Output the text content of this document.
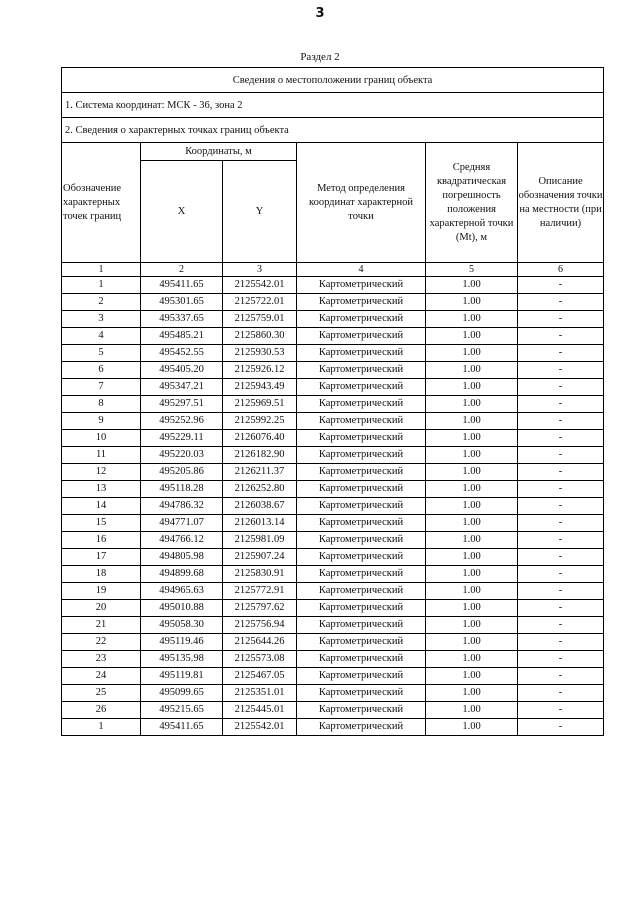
3
Раздел 2
Сведения о местоположении границ объекта					
1. Система координат: МСК - 36, зона 2					
2. Сведения о характерных точках границ объекта					
Обозначение характерных точек границ	Координаты, м		Метод определения координат характерной точки	Средняя квадратическая погрешность положения характерной точки (Mt), м	Описание обозначения точки на местности (при наличии)
	X	Y			
1	2	3	4	5	6
1	495411.65	2125542.01	Картометрический	1.00	-
2	495301.65	2125722.01	Картометрический	1.00	-
3	495337.65	2125759.01	Картометрический	1.00	-
4	495485.21	2125860.30	Картометрический	1.00	-
5	495452.55	2125930.53	Картометрический	1.00	-
6	495405.20	2125926.12	Картометрический	1.00	-
7	495347.21	2125943.49	Картометрический	1.00	-
8	495297.51	2125969.51	Картометрический	1.00	-
9	495252.96	2125992.25	Картометрический	1.00	-
10	495229.11	2126076.40	Картометрический	1.00	-
11	495220.03	2126182.90	Картометрический	1.00	-
12	495205.86	2126211.37	Картометрический	1.00	-
13	495118.28	2126252.80	Картометрический	1.00	-
14	494786.32	2126038.67	Картометрический	1.00	-
15	494771.07	2126013.14	Картометрический	1.00	-
16	494766.12	2125981.09	Картометрический	1.00	-
17	494805.98	2125907.24	Картометрический	1.00	-
18	494899.68	2125830.91	Картометрический	1.00	-
19	494965.63	2125772.91	Картометрический	1.00	-
20	495010.88	2125797.62	Картометрический	1.00	-
21	495058.30	2125756.94	Картометрический	1.00	-
22	495119.46	2125644.26	Картометрический	1.00	-
23	495135.98	2125573.08	Картометрический	1.00	-
24	495119.81	2125467.05	Картометрический	1.00	-
25	495099.65	2125351.01	Картометрический	1.00	-
26	495215.65	2125445.01	Картометрический	1.00	-
1	495411.65	2125542.01	Картометрический	1.00	-
